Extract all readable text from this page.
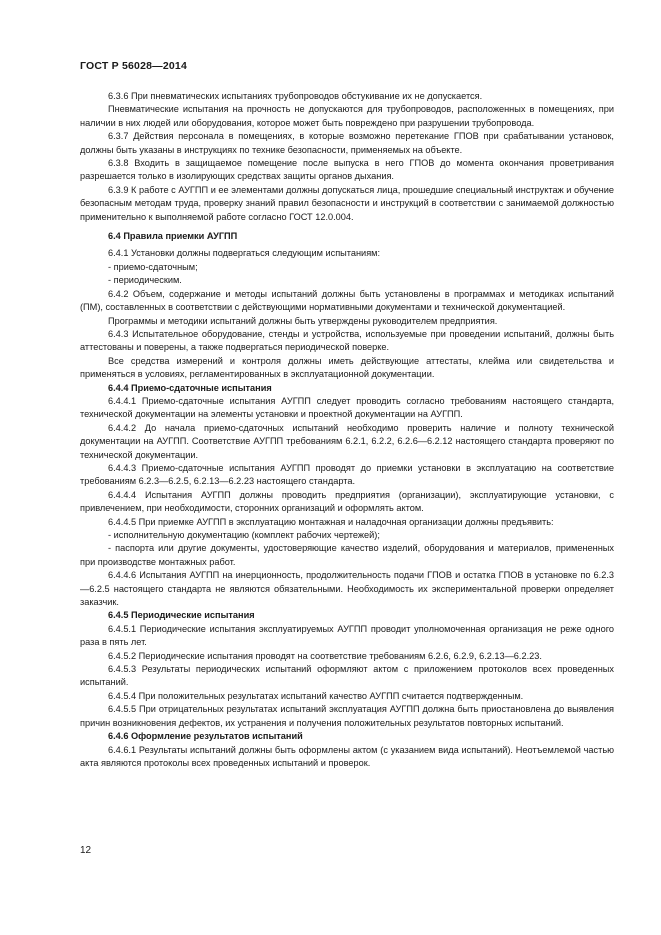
ГОСТ Р 56028—2014

6.3.6 При пневматических испытаниях трубопроводов обстукивание их не допускается.

Пневматические испытания на прочность не допускаются для трубопроводов, расположенных в помещениях, при наличии в них людей или оборудования, которое может быть повреждено при разрушении трубопровода.

6.3.7 Действия персонала в помещениях, в которые возможно перетекание ГПОВ при срабатывании установок, должны быть указаны в инструкциях по технике безопасности, применяемых на объекте.

6.3.8 Входить в защищаемое помещение после выпуска в него ГПОВ до момента окончания проветривания разрешается только в изолирующих средствах защиты органов дыхания.

6.3.9 К работе с АУГПП и ее элементами должны допускаться лица, прошедшие специальный инструктаж и обучение безопасным методам труда, проверку знаний правил безопасности и инструкций в соответствии с занимаемой должностью применительно к выполняемой работе согласно ГОСТ 12.0.004.

6.4 Правила приемки АУГПП

6.4.1 Установки должны подвергаться следующим испытаниям:

- приемо-сдаточным;

- периодическим.

6.4.2 Объем, содержание и методы испытаний должны быть установлены в программах и методиках испытаний (ПМ), составленных в соответствии с действующими нормативными документами и технической документацией.

Программы и методики испытаний должны быть утверждены руководителем предприятия.

6.4.3 Испытательное оборудование, стенды и устройства, используемые при проведении испытаний, должны быть аттестованы и поверены, а также подвергаться периодической поверке.

Все средства измерений и контроля должны иметь действующие аттестаты, клейма или свидетельства и применяться в условиях, регламентированных в эксплуатационной документации.

6.4.4 Приемо-сдаточные испытания

6.4.4.1 Приемо-сдаточные испытания АУГПП следует проводить согласно требованиям настоящего стандарта, технической документации на элементы установки и проектной документации на АУГПП.

6.4.4.2 До начала приемо-сдаточных испытаний необходимо проверить наличие и полноту технической документации на АУГПП. Соответствие АУГПП требованиям 6.2.1, 6.2.2, 6.2.6—6.2.12 настоящего стандарта проверяют по технической документации.

6.4.4.3 Приемо-сдаточные испытания АУГПП проводят до приемки установки в эксплуатацию на соответствие требованиям 6.2.3—6.2.5, 6.2.13—6.2.23 настоящего стандарта.

6.4.4.4 Испытания АУГПП должны проводить предприятия (организации), эксплуатирующие установки, с привлечением, при необходимости, сторонних организаций и оформлять актом.

6.4.4.5 При приемке АУГПП в эксплуатацию монтажная и наладочная организации должны предъявить:

- исполнительную документацию (комплект рабочих чертежей);

- паспорта или другие документы, удостоверяющие качество изделий, оборудования и материалов, примененных при производстве монтажных работ.

6.4.4.6 Испытания АУГПП на инерционность, продолжительность подачи ГПОВ и остатка ГПОВ в установке по 6.2.3—6.2.5 настоящего стандарта не являются обязательными. Необходимость их экспериментальной проверки определяет заказчик.

6.4.5 Периодические испытания

6.4.5.1 Периодические испытания эксплуатируемых АУГПП проводит уполномоченная организация не реже одного раза в пять лет.

6.4.5.2 Периодические испытания проводят на соответствие требованиям 6.2.6, 6.2.9, 6.2.13—6.2.23.

6.4.5.3 Результаты периодических испытаний оформляют актом с приложением протоколов всех проведенных испытаний.

6.4.5.4 При положительных результатах испытаний качество АУГПП считается подтвержденным.

6.4.5.5 При отрицательных результатах испытаний эксплуатация АУГПП должна быть приостановлена до выявления причин возникновения дефектов, их устранения и получения положительных результатов повторных испытаний.

6.4.6 Оформление результатов испытаний

6.4.6.1 Результаты испытаний должны быть оформлены актом (с указанием вида испытаний). Неотъемлемой частью акта являются протоколы всех проведенных испытаний и проверок.

12
